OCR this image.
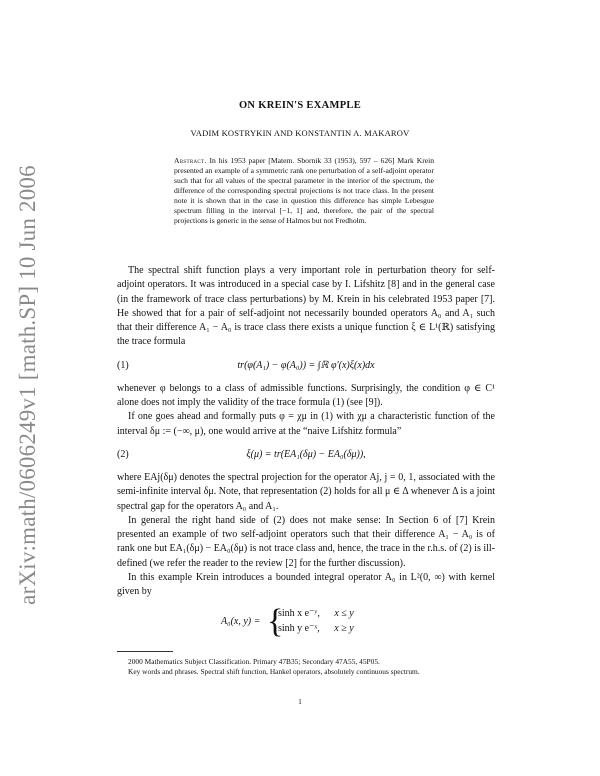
arXiv:math/0606249v1 [math.SP] 10 Jun 2006
ON KREIN'S EXAMPLE
VADIM KOSTRYKIN AND KONSTANTIN A. MAKAROV
Abstract. In his 1953 paper [Matem. Sbornik 33 (1953), 597 – 626] Mark Krein presented an example of a symmetric rank one perturbation of a self-adjoint operator such that for all values of the spectral parameter in the interior of the spectrum, the difference of the corresponding spectral projections is not trace class. In the present note it is shown that in the case in question this difference has simple Lebesgue spectrum filling in the interval [−1, 1] and, therefore, the pair of the spectral projections is generic in the sense of Halmos but not Fredholm.

The spectral shift function plays a very important role in perturbation theory for self-adjoint operators. It was introduced in a special case by I. Lifshitz [8] and in the general case (in the framework of trace class perturbations) by M. Krein in his celebrated 1953 paper [7]. He showed that for a pair of self-adjoint not necessarily bounded operators A₀ and A₁ such that their difference A₁ − A₀ is trace class there exists a unique function ξ ∈ L¹(ℝ) satisfying the trace formula

(1)	tr(φ(A₁) − φ(A₀)) = ∫ℝ φ′(x)ξ(x)dx

whenever φ belongs to a class of admissible functions. Surprisingly, the condition φ ∈ C¹ alone does not imply the validity of the trace formula (1) (see [9]).

If one goes ahead and formally puts φ = χμ in (1) with χμ a characteristic function of the interval δμ := (−∞, μ), one would arrive at the “naive Lifshitz formula”

(2)	ξ(μ) = tr(EA₁(δμ) − EA₀(δμ)),

where EAj(δμ) denotes the spectral projection for the operator Aj, j = 0, 1, associated with the semi-infinite interval δμ. Note, that representation (2) holds for all μ ∈ Δ whenever Δ is a joint spectral gap for the operators A₀ and A₁.

In general the right hand side of (2) does not make sense: In Section 6 of [7] Krein presented an example of two self-adjoint operators such that their difference A₁ − A₀ is of rank one but EA₁(δμ) − EA₀(δμ) is not trace class and, hence, the trace in the r.h.s. of (2) is ill-defined (we refer the reader to the review [2] for the further discussion).

In this example Krein introduces a bounded integral operator A₀ in L²(0, ∞) with kernel given by

A₀(x, y) = {
sinh x e⁻ʸ, x ≤ y
sinh y e⁻ˣ, x ≥ y

2000 Mathematics Subject Classification. Primary 47B35; Secondary 47A55, 45P05.

Key words and phrases. Spectral shift function, Hankel operators, absolutely continuous spectrum.

1
